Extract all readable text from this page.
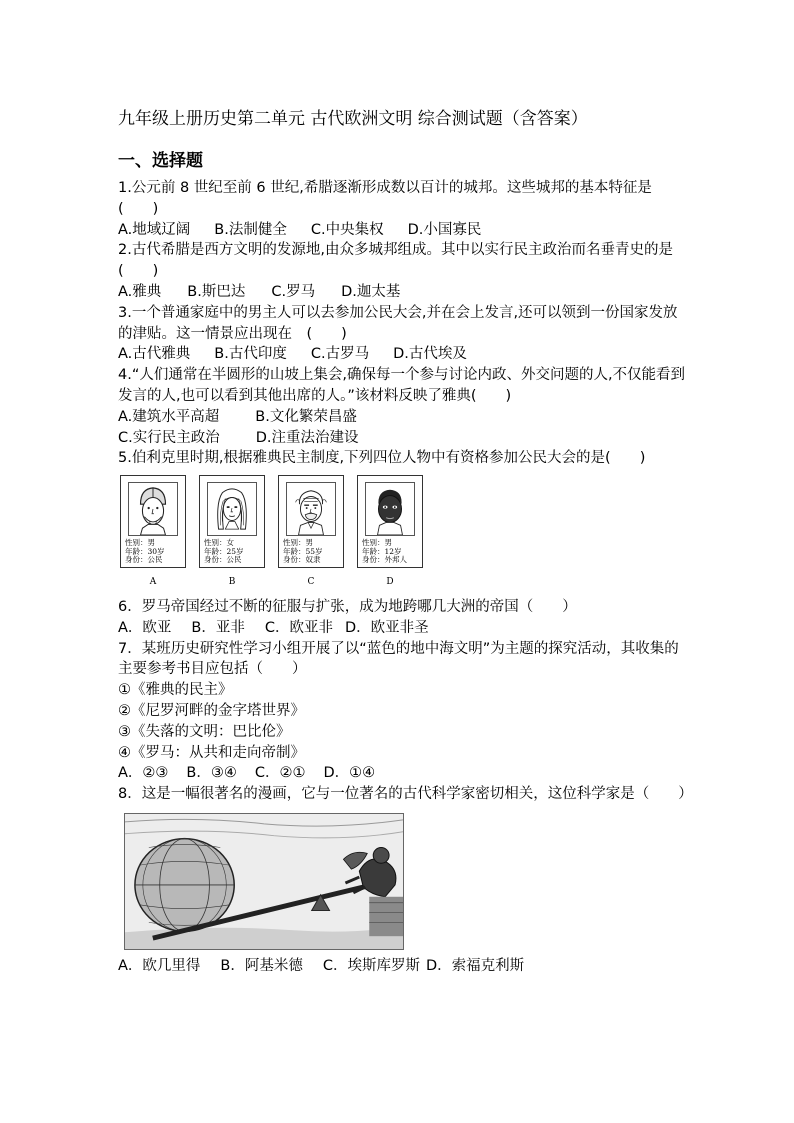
九年级上册历史第二单元 古代欧洲文明 综合测试题（含答案）
一、选择题

1.公元前 8 世纪至前 6 世纪,希腊逐渐形成数以百计的城邦。这些城邦的基本特征是(　　)

A.地域辽阔 B.法制健全 C.中央集权 D.小国寡民

2.古代希腊是西方文明的发源地,由众多城邦组成。其中以实行民主政治而名垂青史的是(　　)

A.雅典 B.斯巴达 C.罗马 D.迦太基

3.一个普通家庭中的男主人可以去参加公民大会,并在会上发言,还可以领到一份国家发放的津贴。这一情景应出现在　(　　)

A.古代雅典 B.古代印度 C.古罗马 D.古代埃及

4.“人们通常在半圆形的山坡上集会,确保每一个参与讨论内政、外交问题的人,不仅能看到发言的人,也可以看到其他出席的人。”该材料反映了雅典(　　)

A.建筑水平高超 B.文化繁荣昌盛

C.实行民主政治 D.注重法治建设

5.伯利克里时期,根据雅典民主制度,下列四位人物中有资格参加公民大会的是(　　)

性别：男
年龄：30岁
身份：公民
A
性别：女
年龄：25岁
身份：公民
B
性别：男
年龄：55岁
身份：奴隶
C
性别：男
年龄：12岁
身份：外邦人
D

6．罗马帝国经过不断的征服与扩张，成为地跨哪几大洲的帝国（　　）

A．欧亚 B．亚非 C．欧亚非 D．欧亚非圣

7．某班历史研究性学习小组开展了以“蓝色的地中海文明”为主题的探究活动，其收集的主要参考书目应包括（　　）

①《雅典的民主》

②《尼罗河畔的金字塔世界》

③《失落的文明：巴比伦》

④《罗马：从共和走向帝制》

A．②③ B．③④ C．②① D．①④

8．这是一幅很著名的漫画，它与一位著名的古代科学家密切相关，这位科学家是（　　）

A．欧几里得 B．阿基米德 C．埃斯库罗斯 D．索福克利斯
